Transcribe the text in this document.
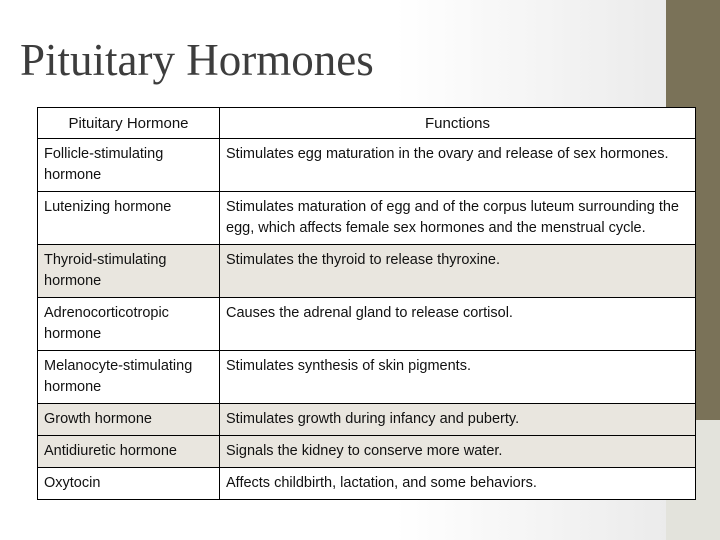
Pituitary Hormones
Pituitary Hormone	Functions
Follicle-stimulating hormone	Stimulates egg maturation in the ovary and release of sex hormones.
Lutenizing hormone	Stimulates maturation of egg and of the corpus luteum surrounding the egg, which affects female sex hormones and the menstrual cycle.
Thyroid-stimulating hormone	Stimulates the thyroid to release thyroxine.
Adrenocorticotropic hormone	Causes the adrenal gland to release cortisol.
Melanocyte-stimulating hormone	Stimulates synthesis of skin pigments.
Growth hormone	Stimulates growth during infancy and puberty.
Antidiuretic hormone	Signals the kidney to conserve more water.
Oxytocin	Affects childbirth, lactation, and some behaviors.
